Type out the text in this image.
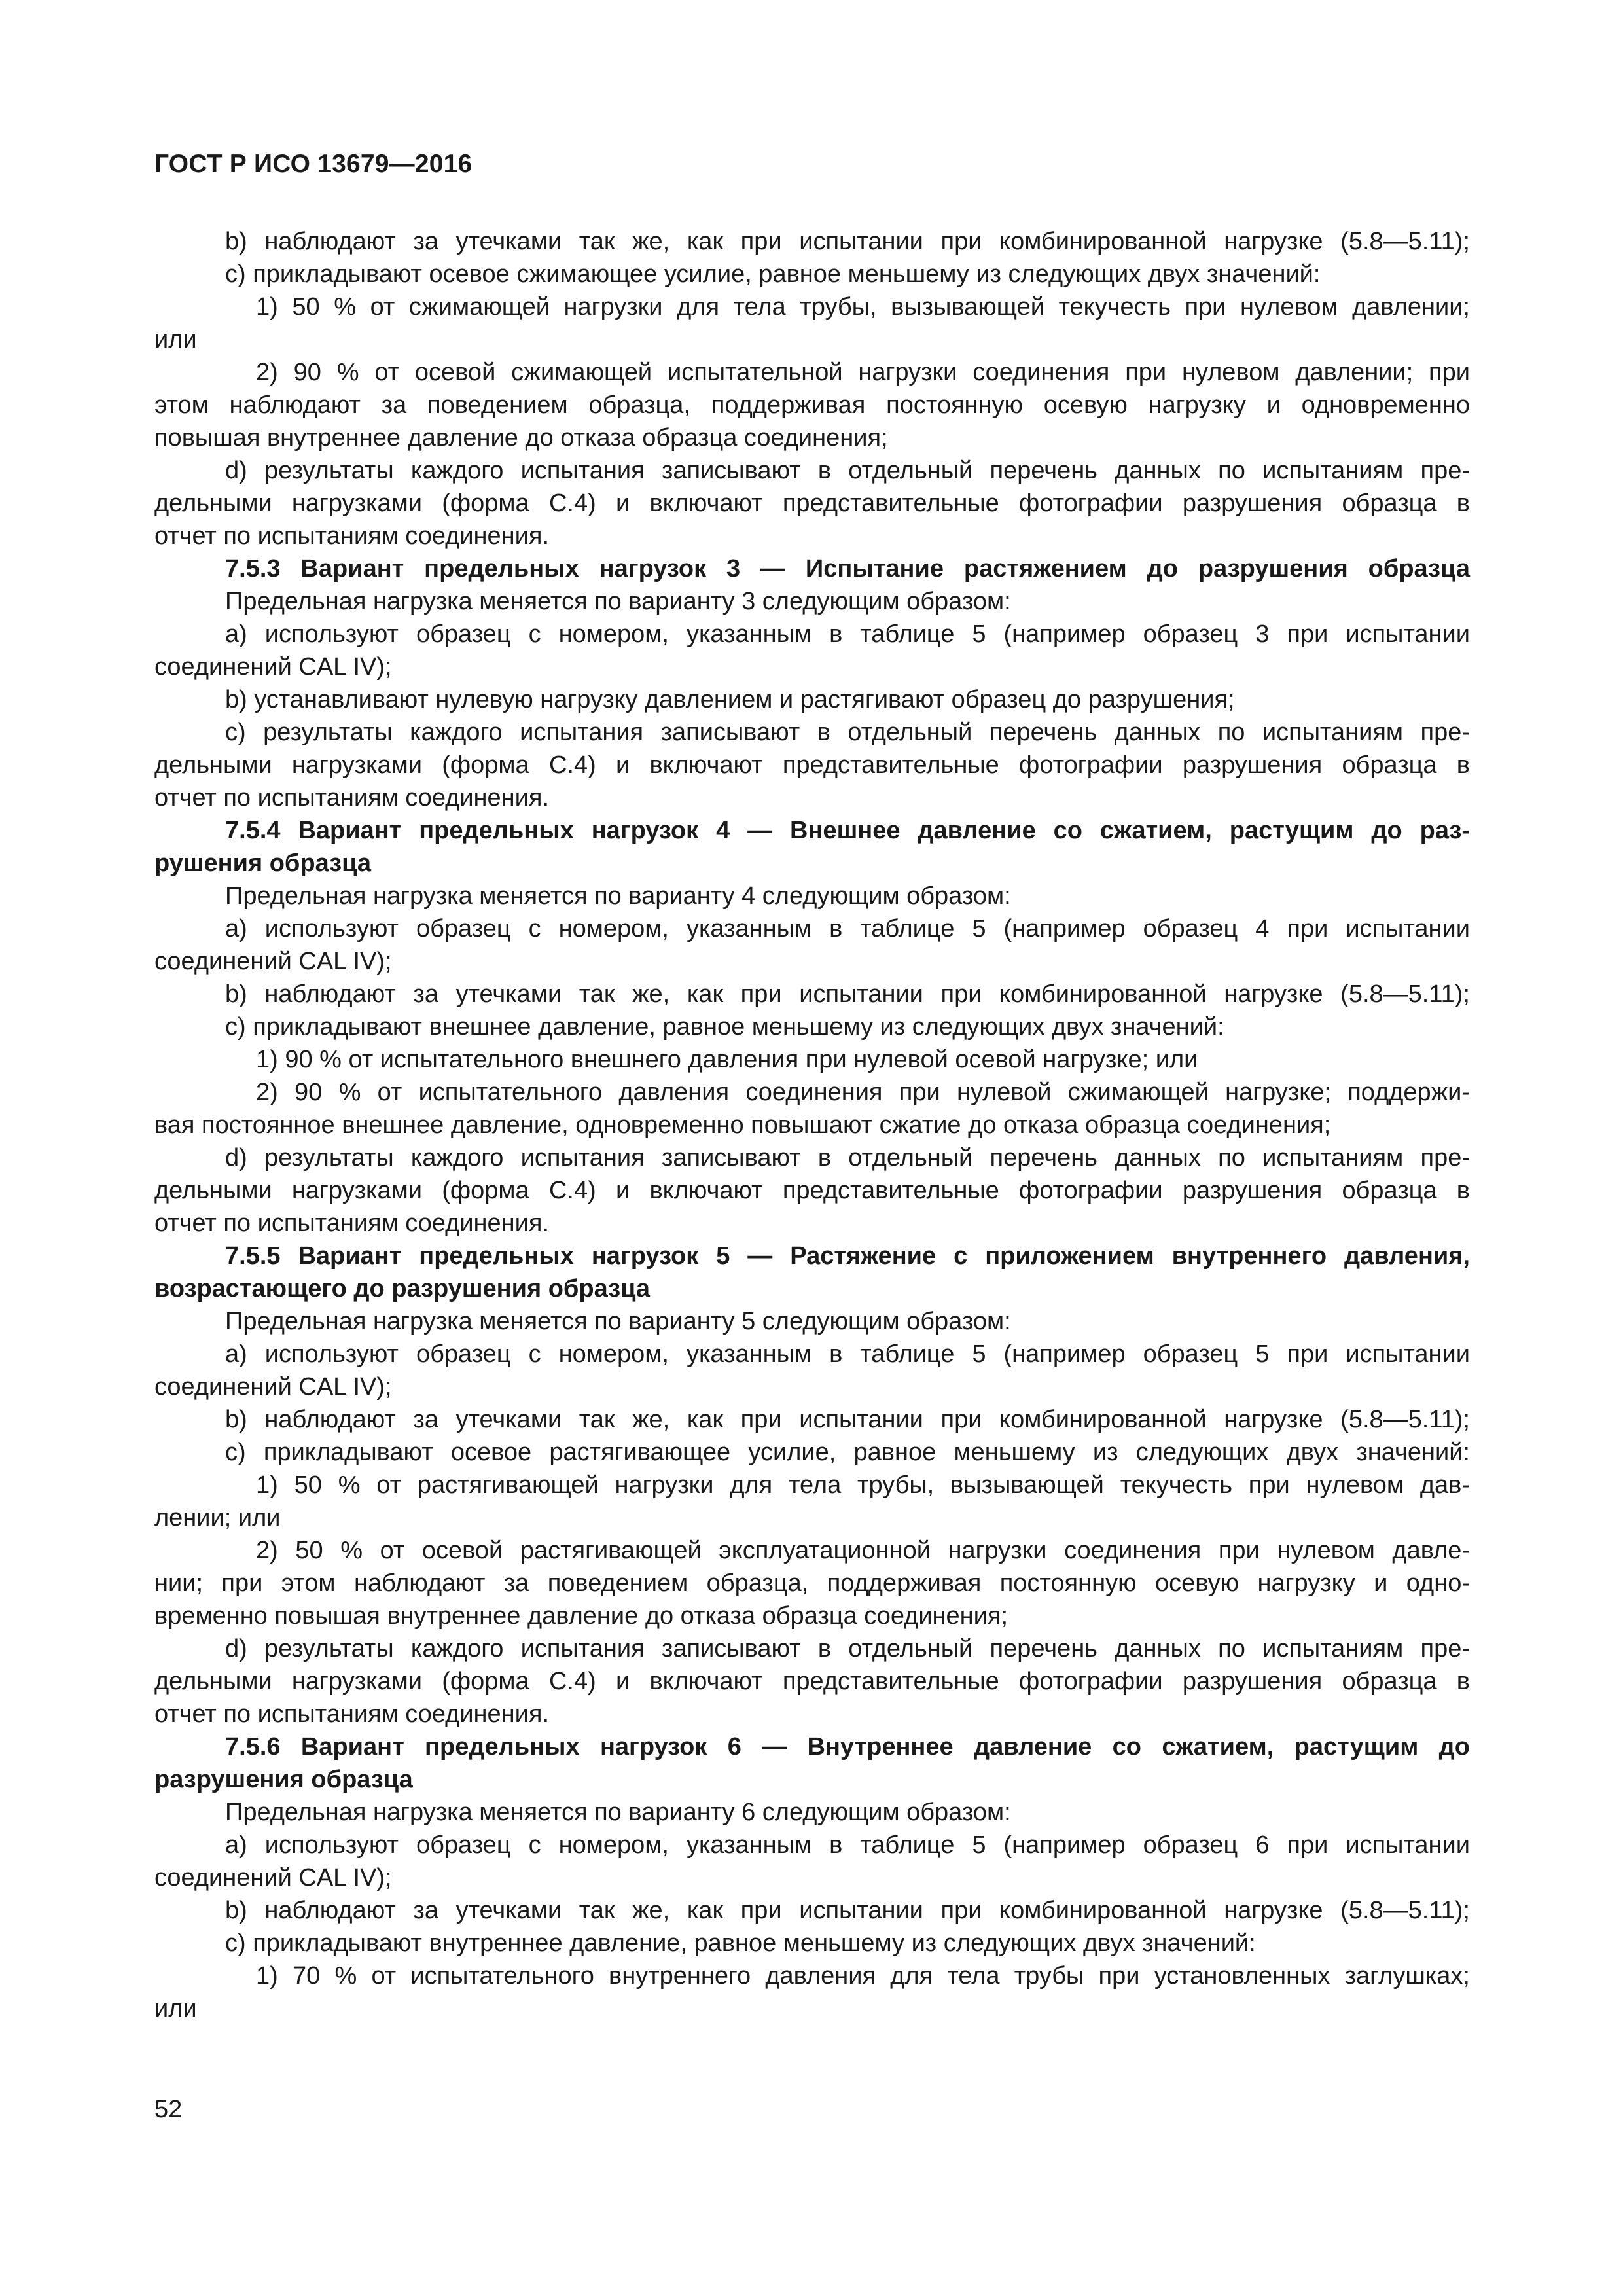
ГОСТ Р ИСО 13679—2016
b) наблюдают за утечками так же, как при испытании при комбинированной нагрузке (5.8—5.11);
c) прикладывают осевое сжимающее усилие, равное меньшему из следующих двух значений:
1) 50 % от сжимающей нагрузки для тела трубы, вызывающей текучесть при нулевом давлении;
или
2) 90 % от осевой сжимающей испытательной нагрузки соединения при нулевом давлении; при
этом наблюдают за поведением образца, поддерживая постоянную осевую нагрузку и одновременно
повышая внутреннее давление до отказа образца соединения;
d) результаты каждого испытания записывают в отдельный перечень данных по испытаниям пре-
дельными нагрузками (форма С.4) и включают представительные фотографии разрушения образца в
отчет по испытаниям соединения.
7.5.3 Вариант предельных нагрузок 3 — Испытание растяжением до разрушения образца
Предельная нагрузка меняется по варианту 3 следующим образом:
a) используют образец с номером, указанным в таблице 5 (например образец 3 при испытании
соединений CAL IV);
b) устанавливают нулевую нагрузку давлением и растягивают образец до разрушения;
c) результаты каждого испытания записывают в отдельный перечень данных по испытаниям пре-
дельными нагрузками (форма С.4) и включают представительные фотографии разрушения образца в
отчет по испытаниям соединения.
7.5.4 Вариант предельных нагрузок 4 — Внешнее давление со сжатием, растущим до раз-
рушения образца
Предельная нагрузка меняется по варианту 4 следующим образом:
a) используют образец с номером, указанным в таблице 5 (например образец 4 при испытании
соединений CAL IV);
b) наблюдают за утечками так же, как при испытании при комбинированной нагрузке (5.8—5.11);
c) прикладывают внешнее давление, равное меньшему из следующих двух значений:
1) 90 % от испытательного внешнего давления при нулевой осевой нагрузке; или
2) 90 % от испытательного давления соединения при нулевой сжимающей нагрузке; поддержи-
вая постоянное внешнее давление, одновременно повышают сжатие до отказа образца соединения;
d) результаты каждого испытания записывают в отдельный перечень данных по испытаниям пре-
дельными нагрузками (форма С.4) и включают представительные фотографии разрушения образца в
отчет по испытаниям соединения.
7.5.5 Вариант предельных нагрузок 5 — Растяжение с приложением внутреннего давления,
возрастающего до разрушения образца
Предельная нагрузка меняется по варианту 5 следующим образом:
a) используют образец с номером, указанным в таблице 5 (например образец 5 при испытании
соединений CAL IV);
b) наблюдают за утечками так же, как при испытании при комбинированной нагрузке (5.8—5.11);
c) прикладывают осевое растягивающее усилие, равное меньшему из следующих двух значений:
1) 50 % от растягивающей нагрузки для тела трубы, вызывающей текучесть при нулевом дав-
лении; или
2) 50 % от осевой растягивающей эксплуатационной нагрузки соединения при нулевом давле-
нии; при этом наблюдают за поведением образца, поддерживая постоянную осевую нагрузку и одно-
временно повышая внутреннее давление до отказа образца соединения;
d) результаты каждого испытания записывают в отдельный перечень данных по испытаниям пре-
дельными нагрузками (форма С.4) и включают представительные фотографии разрушения образца в
отчет по испытаниям соединения.
7.5.6 Вариант предельных нагрузок 6 — Внутреннее давление со сжатием, растущим до
разрушения образца
Предельная нагрузка меняется по варианту 6 следующим образом:
a) используют образец с номером, указанным в таблице 5 (например образец 6 при испытании
соединений CAL IV);
b) наблюдают за утечками так же, как при испытании при комбинированной нагрузке (5.8—5.11);
c) прикладывают внутреннее давление, равное меньшему из следующих двух значений:
1) 70 % от испытательного внутреннего давления для тела трубы при установленных заглушках;
или
52
